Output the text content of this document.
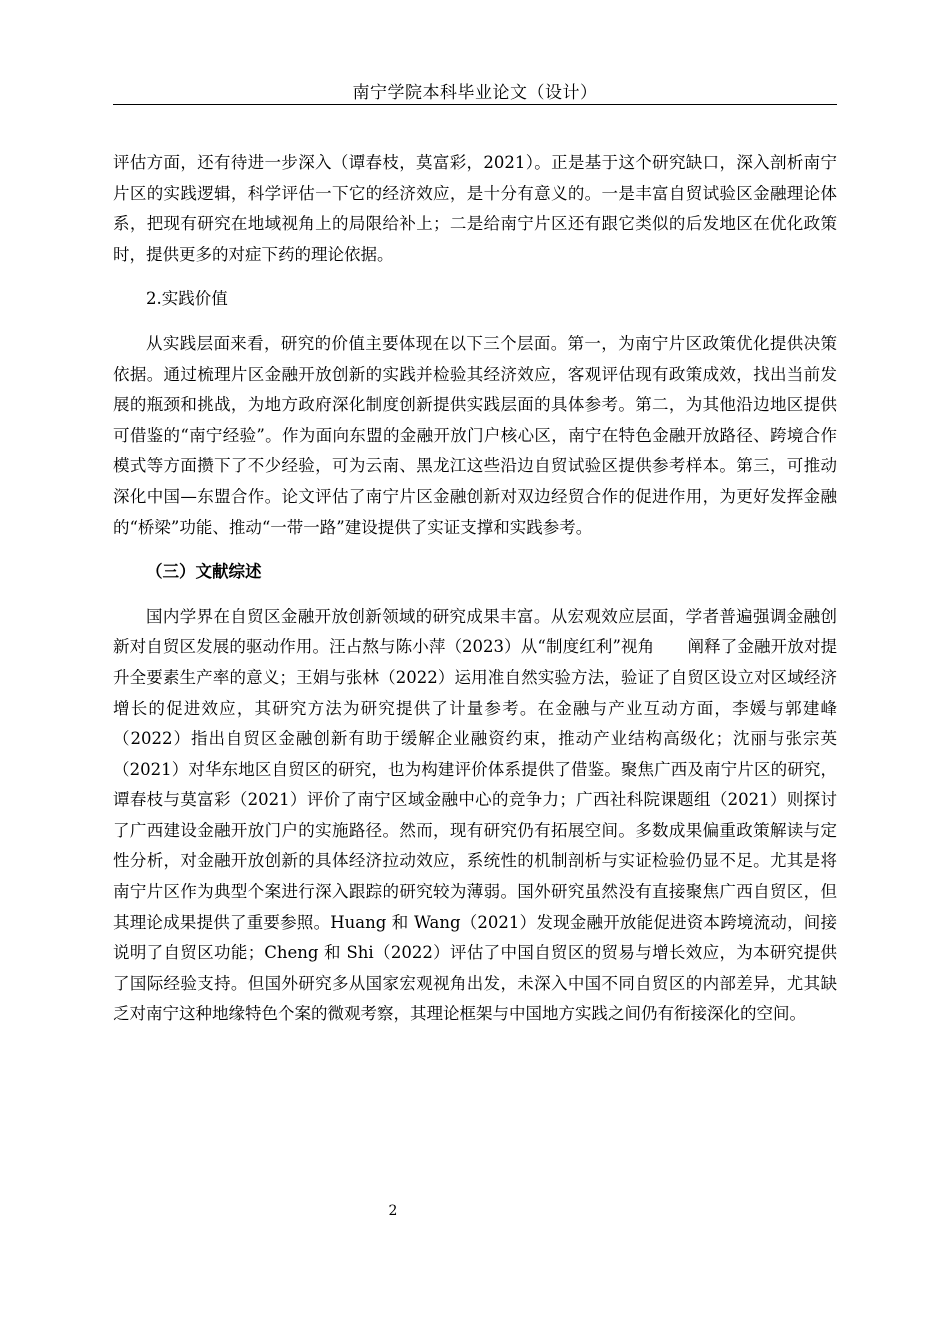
南宁学院本科毕业论文（设计）

评估方面，还有待进一步深入（谭春枝，莫富彩，2021）。正是基于这个研究缺口，深入剖析南宁片区的实践逻辑，科学评估一下它的经济效应，是十分有意义的。一是丰富自贸试验区金融理论体系，把现有研究在地域视角上的局限给补上；二是给南宁片区还有跟它类似的后发地区在优化政策时，提供更多的对症下药的理论依据。

2.实践价值

从实践层面来看，研究的价值主要体现在以下三个层面。第一，为南宁片区政策优化提供决策依据。通过梳理片区金融开放创新的实践并检验其经济效应，客观评估现有政策成效，找出当前发展的瓶颈和挑战，为地方政府深化制度创新提供实践层面的具体参考。第二，为其他沿边地区提供可借鉴的“南宁经验”。作为面向东盟的金融开放门户核心区，南宁在特色金融开放路径、跨境合作模式等方面攒下了不少经验，可为云南、黑龙江这些沿边自贸试验区提供参考样本。第三，可推动深化中国—东盟合作。论文评估了南宁片区金融创新对双边经贸合作的促进作用，为更好发挥金融的“桥梁”功能、推动“一带一路”建设提供了实证支撑和实践参考。

（三）文献综述

国内学界在自贸区金融开放创新领域的研究成果丰富。从宏观效应层面，学者普遍强调金融创新对自贸区发展的驱动作用。汪占熬与陈小萍（2023）从“制度红利”视角　　阐释了金融开放对提升全要素生产率的意义；王娟与张林（2022）运用准自然实验方法，验证了自贸区设立对区域经济增长的促进效应，其研究方法为研究提供了计量参考。在金融与产业互动方面，李媛与郭建峰（2022）指出自贸区金融创新有助于缓解企业融资约束，推动产业结构高级化；沈丽与张宗英（2021）对华东地区自贸区的研究，也为构建评价体系提供了借鉴。聚焦广西及南宁片区的研究，谭春枝与莫富彩（2021）评价了南宁区域金融中心的竞争力；广西社科院课题组（2021）则探讨了广西建设金融开放门户的实施路径。然而，现有研究仍有拓展空间。多数成果偏重政策解读与定性分析，对金融开放创新的具体经济拉动效应，系统性的机制剖析与实证检验仍显不足。尤其是将南宁片区作为典型个案进行深入跟踪的研究较为薄弱。国外研究虽然没有直接聚焦广西自贸区，但其理论成果提供了重要参照。Huang 和 Wang（2021）发现金融开放能促进资本跨境流动，间接说明了自贸区功能；Cheng 和 Shi（2022）评估了中国自贸区的贸易与增长效应，为本研究提供了国际经验支持。但国外研究多从国家宏观视角出发，未深入中国不同自贸区的内部差异，尤其缺乏对南宁这种地缘特色个案的微观考察，其理论框架与中国地方实践之间仍有衔接深化的空间。

2
